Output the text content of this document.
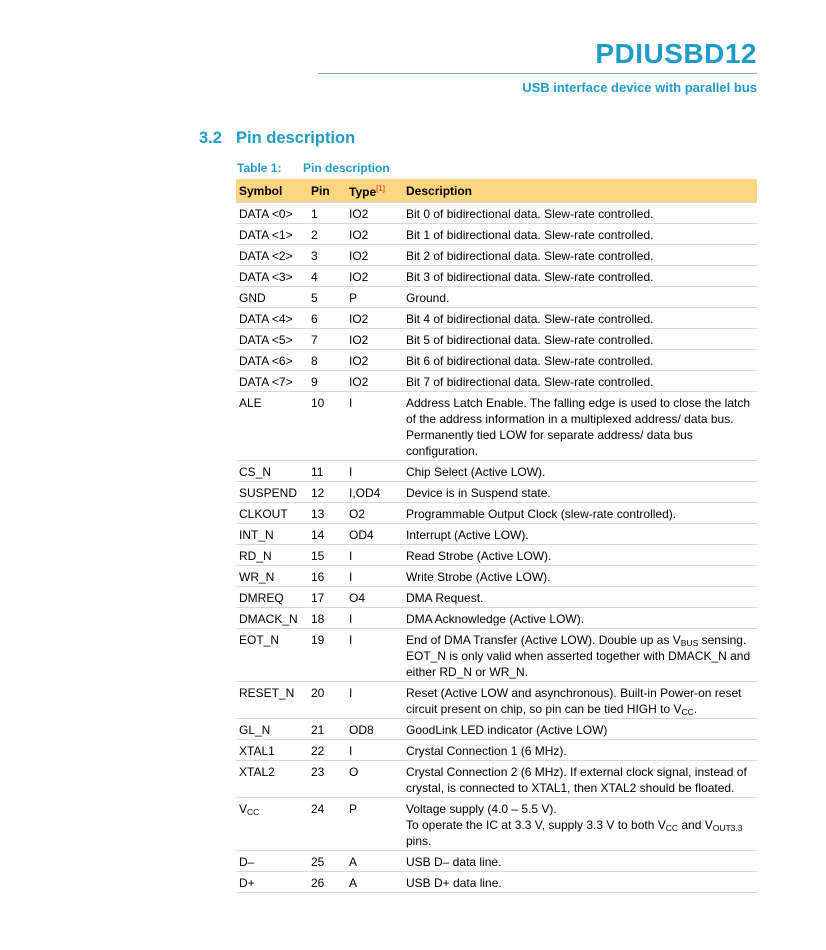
PDIUSBD12
USB interface device with parallel bus
3.2 Pin description
Table 1: Pin description
Symbol	Pin	Type[1]	Description
DATA <0>	1	IO2	Bit 0 of bidirectional data. Slew-rate controlled.
DATA <1>	2	IO2	Bit 1 of bidirectional data. Slew-rate controlled.
DATA <2>	3	IO2	Bit 2 of bidirectional data. Slew-rate controlled.
DATA <3>	4	IO2	Bit 3 of bidirectional data. Slew-rate controlled.
GND	5	P	Ground.
DATA <4>	6	IO2	Bit 4 of bidirectional data. Slew-rate controlled.
DATA <5>	7	IO2	Bit 5 of bidirectional data. Slew-rate controlled.
DATA <6>	8	IO2	Bit 6 of bidirectional data. Slew-rate controlled.
DATA <7>	9	IO2	Bit 7 of bidirectional data. Slew-rate controlled.
ALE	10	I	Address Latch Enable. The falling edge is used to close the latch of the address information in a multiplexed address/ data bus. Permanently tied LOW for separate address/ data bus configuration.
CS_N	11	I	Chip Select (Active LOW).
SUSPEND	12	I,OD4	Device is in Suspend state.
CLKOUT	13	O2	Programmable Output Clock (slew-rate controlled).
INT_N	14	OD4	Interrupt (Active LOW).
RD_N	15	I	Read Strobe (Active LOW).
WR_N	16	I	Write Strobe (Active LOW).
DMREQ	17	O4	DMA Request.
DMACK_N	18	I	DMA Acknowledge (Active LOW).
EOT_N	19	I	End of DMA Transfer (Active LOW). Double up as $V_{BUS}$ sensing. EOT_N is only valid when asserted together with DMACK_N and either RD_N or WR_N.
RESET_N	20	I	Reset (Active LOW and asynchronous). Built-in Power-on reset circuit present on chip, so pin can be tied HIGH to $V_{CC}$.
GL_N	21	OD8	GoodLink LED indicator (Active LOW)
XTAL1	22	I	Crystal Connection 1 (6 MHz).
XTAL2	23	O	Crystal Connection 2 (6 MHz). If external clock signal, instead of crystal, is connected to XTAL1, then XTAL2 should be floated.
$V_{CC}$	24	P	Voltage supply (4.0 – 5.5 V).
To operate the IC at 3.3 V, supply 3.3 V to both $V_{CC}$ and $V_{OUT3.3}$ pins.
D–	25	A	USB D– data line.
D+	26	A	USB D+ data line.
